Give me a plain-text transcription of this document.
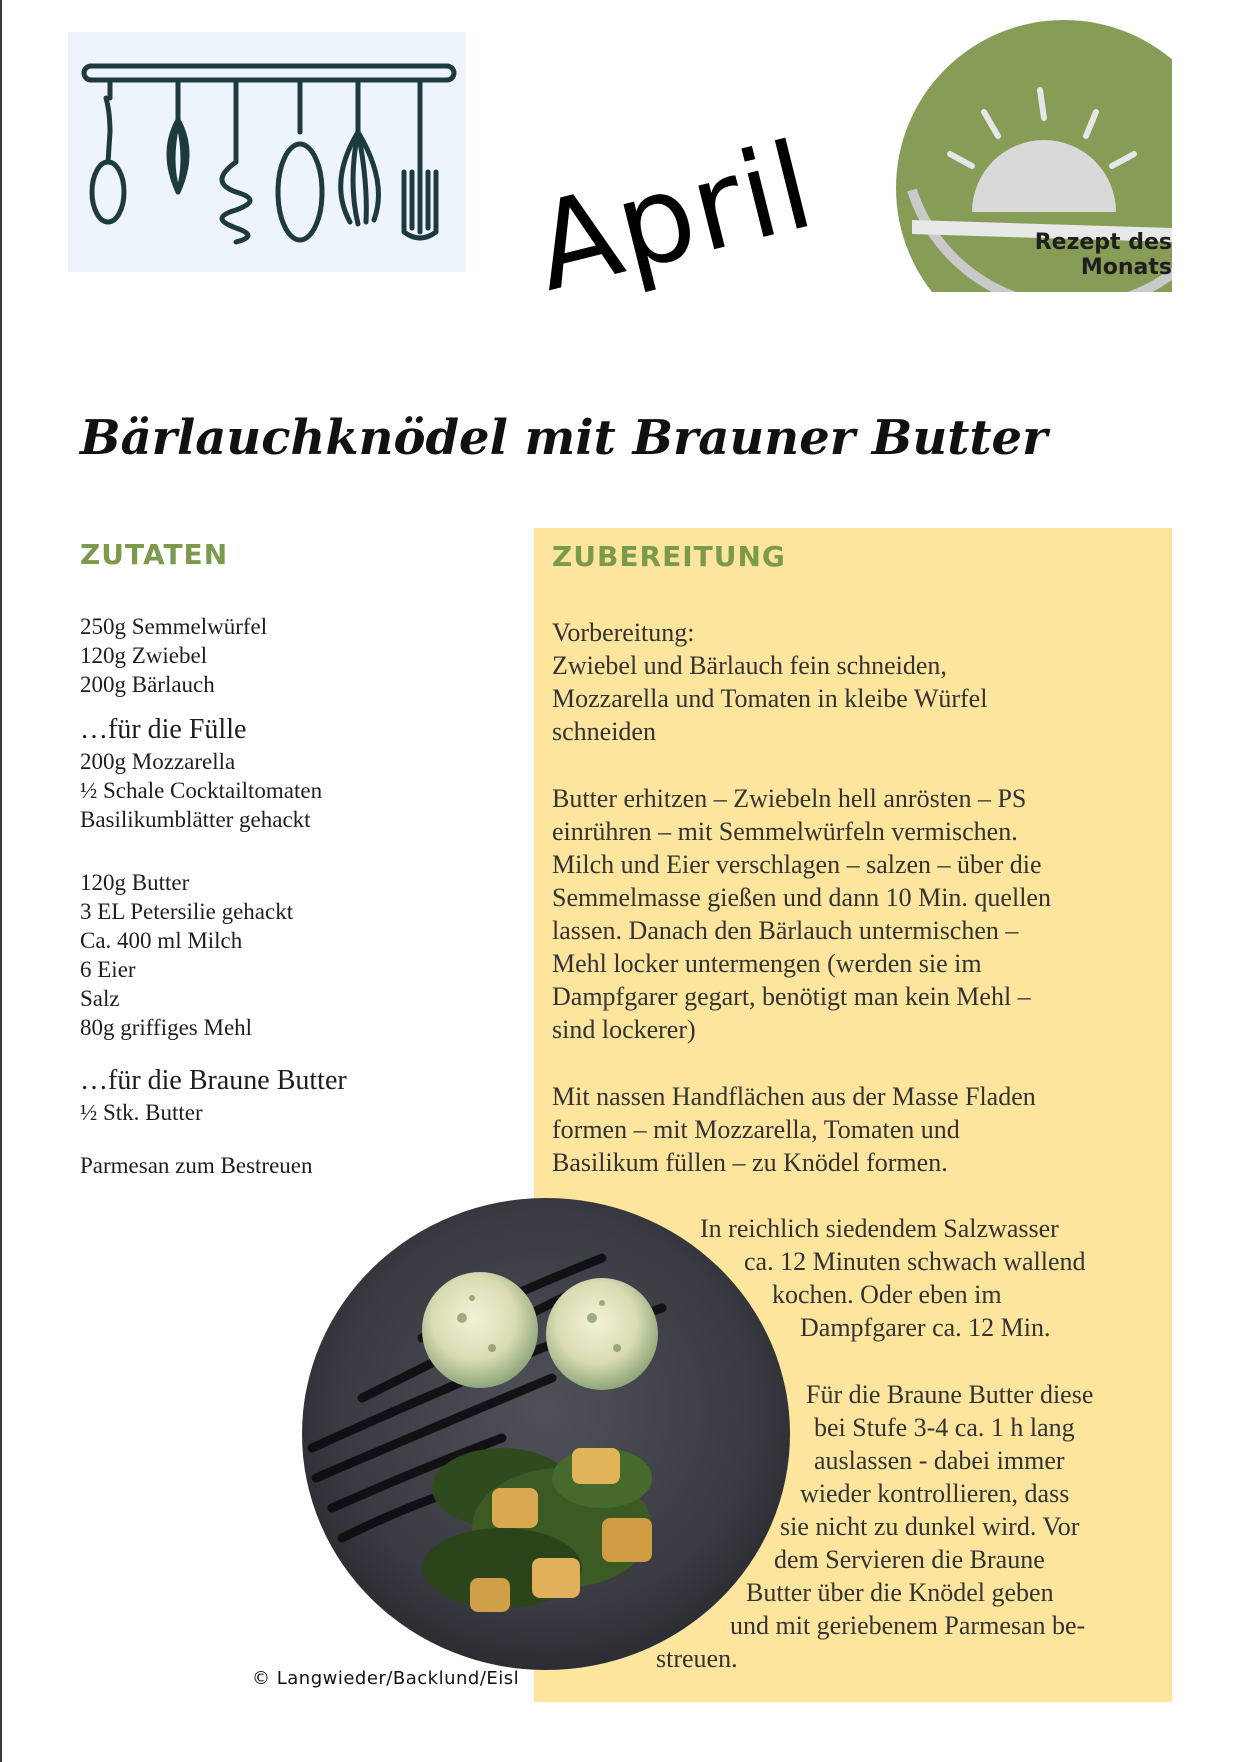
April	Rezept des Monats
Bärlauchknödel mit Brauner Butter
ZUTATEN
250g Semmelwürfel
120g Zwiebel
200g Bärlauch
…für die Fülle
200g Mozzarella
½ Schale Cocktailtomaten
Basilikumblätter gehackt
120g Butter
3 EL Petersilie gehackt
Ca. 400 ml Milch
6 Eier
Salz
80g griffiges Mehl
…für die Braune Butter
½ Stk. Butter
Parmesan zum Bestreuen
ZUBEREITUNG
Vorbereitung:
Zwiebel und Bärlauch fein schneiden,
Mozzarella und Tomaten in kleibe Würfel
schneiden
Butter erhitzen – Zwiebeln hell anrösten – PS
einrühren – mit Semmelwürfeln vermischen.
Milch und Eier verschlagen – salzen – über die
Semmelmasse gießen und dann 10 Min. quellen
lassen. Danach den Bärlauch untermischen –
Mehl locker untermengen (werden sie im
Dampfgarer gegart, benötigt man kein Mehl –
sind lockerer)
Mit nassen Handflächen aus der Masse Fladen
formen – mit Mozzarella, Tomaten und
Basilikum füllen – zu Knödel formen.
In reichlich siedendem Salzwasser
ca. 12 Minuten schwach wallend
kochen. Oder eben im
Dampfgarer ca. 12 Min.
Für die Braune Butter diese
bei Stufe 3-4 ca. 1 h lang
auslassen - dabei immer
wieder kontrollieren, dass
sie nicht zu dunkel wird. Vor
dem Servieren die Braune
Butter über die Knödel geben
und mit geriebenem Parmesan be-
streuen.
© Langwieder/Backlund/Eisl
